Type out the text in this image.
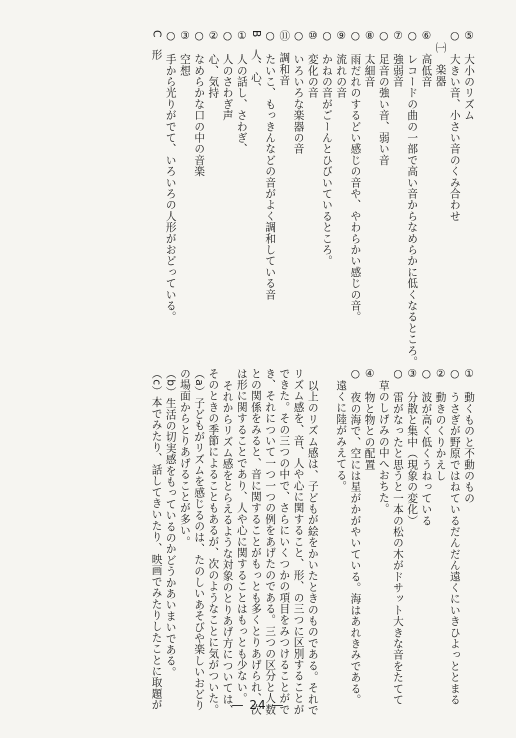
⑤　大小のリズム
○　大きい音、小さい音のくみ合わせ
㈠　楽器
⑥　高低音
○　レコードの曲の一部で高い音からなめらかに低くなるところ。
⑦　強弱音
○　足音の強い音、弱い音
⑧　太細音
○　雨だれのするどい感じの音や、やわらかい感じの音。
⑨　流れの音
○　かねの音がごーんとひびいているところ。
⑩　変化の音
○　いろいろな楽器の音
⑪　調和音
○　たいこ、もっきんなどの音がよく調和している音
B　人、心、
①　人の話し、さわぎ、
○　人のさわぎ声
②　心、気持
○　なめらかな口の中の音楽
③　空想
○　手から光りがでて、いろいろの人形がおどっている。
C　形
①　動くものと不動のもの
○　うさぎが野原ではねているだんだん遠くにいきひよっととまる
②　動きのくりかえし
○　波が高く低くうねっている
③　分散と集中（現象の変化）
○　雷がなったと思うと一本の松の木がドサット大きな音をたてて
草のしげみの中へおちた。
④　物と物との配置
○　夜の海で、空には星がかがやいている。海はあれきみである。
遠くに陸がみえてる。
以上のリズム感は、子どもが絵をかいたときのものである。それで
リズム感を、音、人や心に関すること、形、の三つに区別することが
できた。その三つの中で、さらにいくつかの項目をみつけることがで
き、それについて一つ一つの例をあげたのである。三つの区分と人数
との関係をみると、音に関することがもっとも多くとりあげられ、次
は形に関することであり、人や心に関することはもっとも少ない。
それからリズム感をとらえるような対象のとりあげ方については、
そのときの季節によることもあるが、次のようなことに気がついた。
（a）子どもがリズムを感じるのは、たのしいあそびや楽しいおどり
の場面からとりあげることが多い。
（b）生活の切実感をもっているのかどうかあいまいである。
（c）本でみたり、話してきいたり、映画でみたりしたことに取題が	— 24 —
